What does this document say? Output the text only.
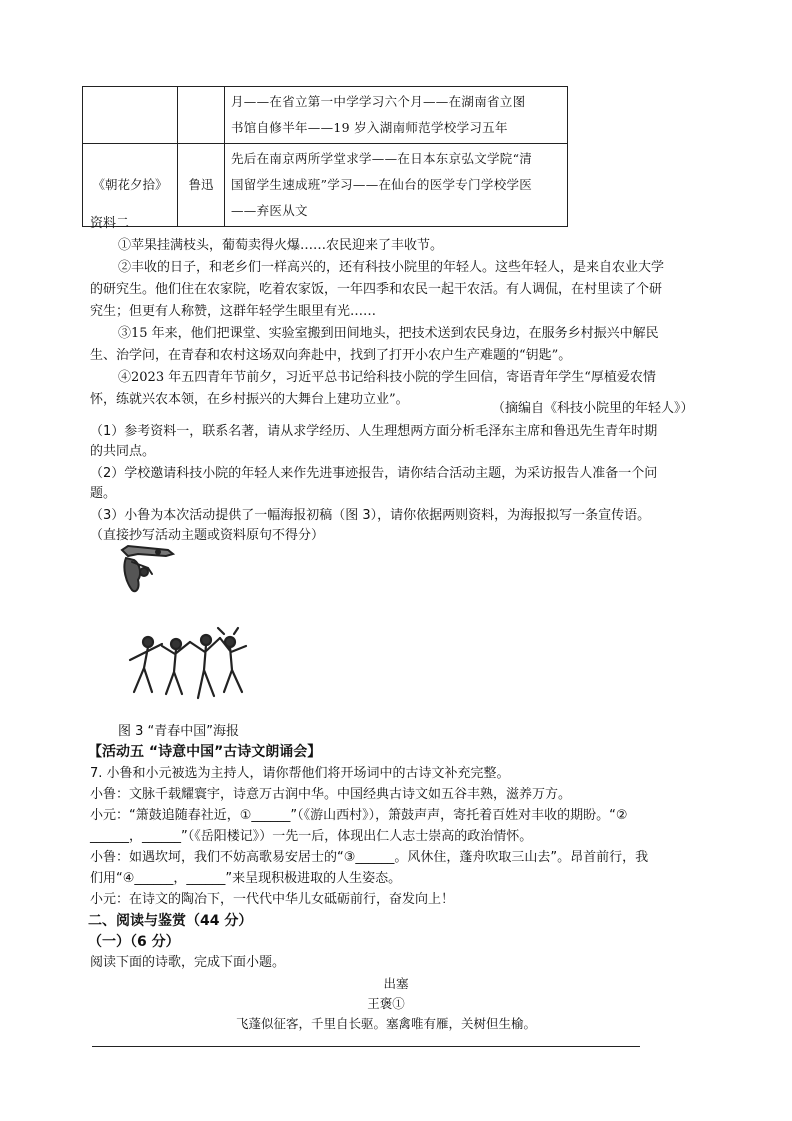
		月——在省立第一中学学习六个月——在湖南省立图
书馆自修半年——19 岁入湖南师范学校学习五年

《朝花夕拾》	鲁迅	先后在南京两所学堂求学——在日本东京弘文学院“清
国留学生速成班”学习——在仙台的医学专门学校学医
——弃医从文
资料二
①苹果挂满枝头，葡萄卖得火爆……农民迎来了丰收节。
②丰收的日子，和老乡们一样高兴的，还有科技小院里的年轻人。这些年轻人，是来自农业大学
的研究生。他们住在农家院，吃着农家饭，一年四季和农民一起干农活。有人调侃，在村里读了个研
究生；但更有人称赞，这群年轻学生眼里有光……
③15 年来，他们把课堂、实验室搬到田间地头，把技术送到农民身边，在服务乡村振兴中解民
生、治学问，在青春和农村这场双向奔赴中，找到了打开小农户生产难题的“钥匙”。
④2023 年五四青年节前夕，习近平总书记给科技小院的学生回信，寄语青年学生“厚植爱农情
怀，练就兴农本领，在乡村振兴的大舞台上建功立业”。
（摘编自《科技小院里的年轻人》）
（1）参考资料一，联系名著，请从求学经历、人生理想两方面分析毛泽东主席和鲁迅先生青年时期
的共同点。
（2）学校邀请科技小院的年轻人来作先进事迹报告，请你结合活动主题，为采访报告人准备一个问
题。
（3）小鲁为本次活动提供了一幅海报初稿（图 3），请你依据两则资料，为海报拟写一条宣传语。
（直接抄写活动主题或资料原句不得分）
图 3 “青春中国”海报
【活动五 “诗意中国”古诗文朗诵会】
7. 小鲁和小元被选为主持人，请你帮他们将开场词中的古诗文补充完整。
小鲁：文脉千载耀寰宇，诗意万古润中华。中国经典古诗文如五谷丰熟，滋养万方。
小元：“箫鼓追随春社近，①______”（《游山西村》），箫鼓声声，寄托着百姓对丰收的期盼。“②
______，______”（《岳阳楼记》）一先一后，体现出仁人志士崇高的政治情怀。
小鲁：如遇坎坷，我们不妨高歌易安居士的“③______。风休住，蓬舟吹取三山去”。昂首前行，我
们用“④______，______”来呈现积极进取的人生姿态。
小元：在诗文的陶冶下，一代代中华儿女砥砺前行，奋发向上！
二、阅读与鉴赏（44 分）
（一）（6 分）
阅读下面的诗歌，完成下面小题。
出塞
王褒①
飞蓬似征客，千里自长驱。塞禽唯有雁，关树但生榆。
